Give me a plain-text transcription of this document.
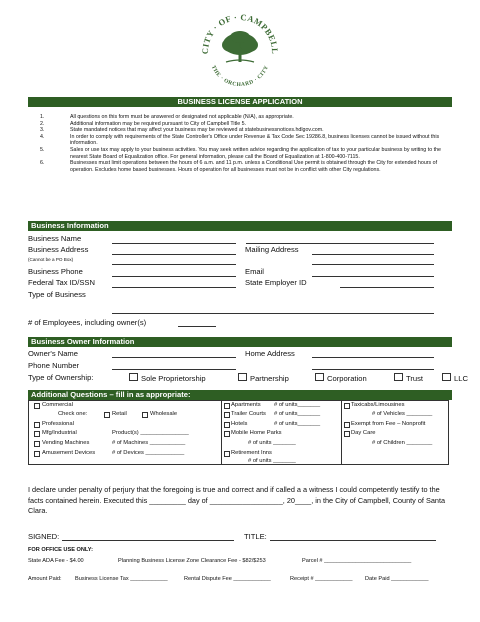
CITY · OF · CAMPBELL
THE · ORCHARD · CITY
BUSINESS LICENSE APPLICATION
1.	All questions on this form must be answered or designated not applicable (N/A), as appropriate.
2.	Additional information may be required pursuant to City of Campbell Title 5.
3.	State mandated notices that may affect your business may be reviewed at statebusinessnotices.hdlgov.com.
4.	In order to comply with requirements of the State Controller's Office under Revenue & Tax Code Sec 19286.8, business licenses cannot be issued without this information.
5.	Sales or use tax may apply to your business activities. You may seek written advice regarding the application of tax to your particular business by writing to the nearest State Board of Equalization office. For general information, please call the Board of Equalization at 1-800-400-7115.
6.	Businesses must limit operations between the hours of 6 a.m. and 11 p.m. unless a Conditional Use permit is obtained through the City for extended hours of operation. Excludes home based businesses. Hours of operation for all businesses must not be in conflict with other City regulations.
Business Information
Business Name
Business Address	Mailing Address
(Cannot be a PO Box)
Business Phone	Email
Federal Tax ID/SSN	State Employer ID
Type of Business
# of Employees, including owner(s)
Business Owner Information
Owner's Name	Home Address
Phone Number
Type of Ownership:	Sole Proprietorship	Partnership	Corporation	Trust	LLC
Additional Questions – fill in as appropriate:
Commercial
Check one:	Retail	Wholesale
Professional
Mfg/Industrial	Product(s) _______________
Vending Machines	# of Machines ___________
Amusement Devices	# of Devices ____________
Apartments # of units_______
Trailer Courts # of units_______
Hotels	# of units_______
Mobile Home Parks
# of units _______
Retirement Inns
# of units _______
Taxicabs/Limousines
# of Vehicles ________
Exempt from Fee – Nonprofit
Day Care
# of Children ________
I declare under penalty of perjury that the foregoing is true and correct and if called a a witness I could competently testify to the facts contained herein. Executed this _________ day of __________________, 20____, in the City of Campbell, County of Santa Clara.
SIGNED:	TITLE:
FOR OFFICE USE ONLY:
State ADA Fee - $4.00	Planning Business License Zone Clearance Fee - $82/$253	Parcel # ____________________________
Amount Paid: Business License Tax ____________	Rental Dispute Fee ____________	Receipt # ____________ Date Paid ____________
